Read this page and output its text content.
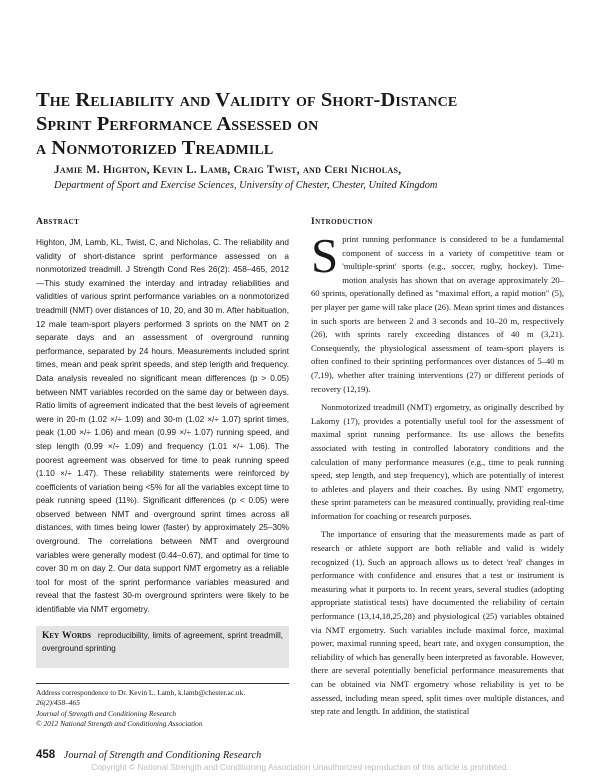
The Reliability and Validity of Short-Distance
Sprint Performance Assessed on
a Nonmotorized Treadmill
Jamie M. Highton, Kevin L. Lamb, Craig Twist, and Ceri Nicholas,
Department of Sport and Exercise Sciences, University of Chester, Chester, United Kingdom
Abstract

Highton, JM, Lamb, KL, Twist, C, and Nicholas, C. The reliability and validity of short-distance sprint performance assessed on a nonmotorized treadmill. J Strength Cond Res 26(2): 458–465, 2012—This study examined the interday and intraday reliabilities and validities of various sprint performance variables on a nonmotorized treadmill (NMT) over distances of 10, 20, and 30 m. After habituation, 12 male team-sport players performed 3 sprints on the NMT on 2 separate days and an assessment of overground running performance, separated by 24 hours. Measurements included sprint times, mean and peak sprint speeds, and step length and frequency. Data analysis revealed no significant mean differences (p > 0.05) between NMT variables recorded on the same day or between days. Ratio limits of agreement indicated that the best levels of agreement were in 20-m (1.02 ×/÷ 1.09) and 30-m (1.02 ×/÷ 1.07) sprint times, peak (1.00 ×/÷ 1.06) and mean (0.99 ×/÷ 1.07) running speed, and step length (0.99 ×/÷ 1.09) and frequency (1.01 ×/÷ 1.06). The poorest agreement was observed for time to peak running speed (1.10 ×/÷ 1.47). These reliability statements were reinforced by coefficients of variation being <5% for all the variables except time to peak running speed (11%). Significant differences (p < 0.05) were observed between NMT and overground sprint times across all distances, with times being lower (faster) by approximately 25–30% overground. The correlations between NMT and overground variables were generally modest (0.44–0.67), and optimal for time to cover 30 m on day 2. Our data support NMT ergometry as a reliable tool for most of the sprint performance variables measured and reveal that the fastest 30-m overground sprinters were likely to be identifiable via NMT ergometry.

Key Words reproducibility, limits of agreement, sprint treadmill, overground sprinting
Address correspondence to Dr. Kevin L. Lamb, k.lamb@chester.ac.uk.
26(2)/458–465
Journal of Strength and Conditioning Research
© 2012 National Strength and Conditioning Association
Introduction

Sprint running performance is considered to be a fundamental component of success in a variety of competitive team or 'multiple-sprint' sports (e.g., soccer, rugby, hockey). Time-motion analysis has shown that on average approximately 20–60 sprints, operationally defined as "maximal effort, a rapid motion" (5), per player per game will take place (26). Mean sprint times and distances in such sports are between 2 and 3 seconds and 10–20 m, respectively (26), with sprints rarely exceeding distances of 40 m (3,21). Consequently, the physiological assessment of team-sport players is often confined to their sprinting performances over distances of 5–40 m (7,19), whether after training interventions (27) or different periods of recovery (12,19).

Nonmotorized treadmill (NMT) ergometry, as originally described by Lakomy (17), provides a potentially useful tool for the assessment of maximal sprint running performance. Its use allows the benefits associated with testing in controlled laboratory conditions and the calculation of many performance measures (e.g., time to peak running speed, step length, and step frequency), which are potentially of interest to athletes and players and their coaches. By using NMT ergometry, these sprint parameters can be measured continually, providing real-time information for coaching or research purposes.

The importance of ensuring that the measurements made as part of research or athlete support are both reliable and valid is widely recognized (1). Such an approach allows us to detect 'real' changes in performance with confidence and ensures that a test or instrument is measuring what it purports to. In recent years, several studies (adopting appropriate statistical tests) have documented the reliability of certain performance (13,14,18,25,28) and physiological (25) variables obtained via NMT ergometry. Such variables include maximal force, maximal power, maximal running speed, heart rate, and oxygen consumption, the reliability of which has generally been interpreted as favorable. However, there are several potentially beneficial performance measurements that can be obtained via NMT ergometry whose reliability is yet to be assessed, including mean speed, split times over multiple distances, and step rate and length. In addition, the statistical

458 Journal of Strength and Conditioning Research
Copyright © National Strength and Conditioning Association Unauthorized reproduction of this article is prohibited.
